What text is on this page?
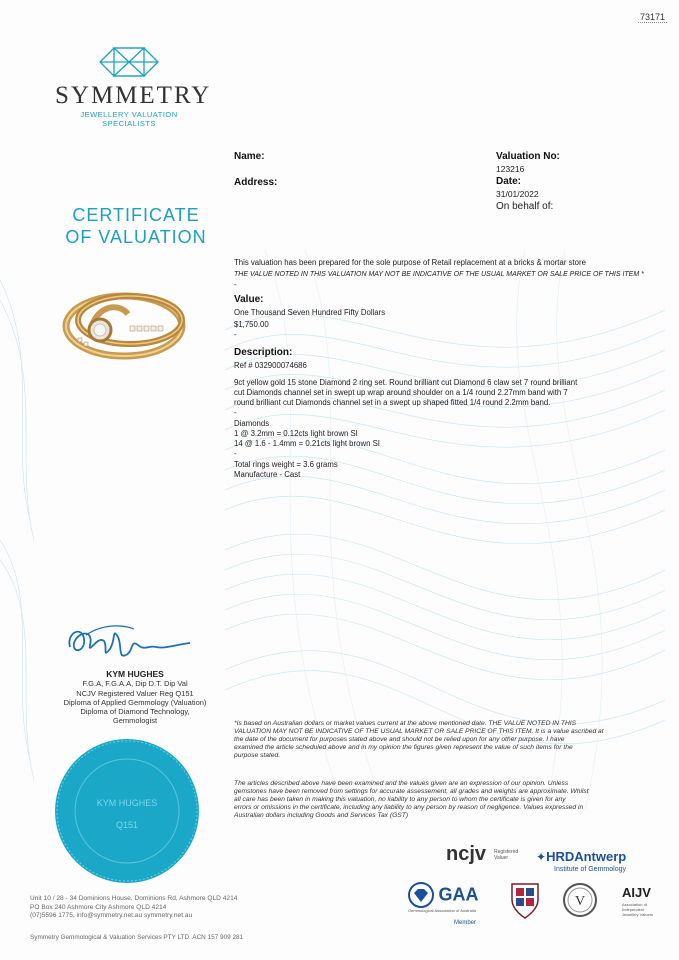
73171
SYMMETRY
JEWELLERY VALUATION SPECIALISTS
CERTIFICATE
OF VALUATION
Name:
Address:
Valuation No:
123216
Date:
31/01/2022
On behalf of:
This valuation has been prepared for the sole purpose of Retail replacement at a bricks & mortar store
THE VALUE NOTED IN THIS VALUATION MAY NOT BE INDICATIVE OF THE USUAL MARKET OR SALE PRICE OF THIS ITEM *
-
Value:
One Thousand Seven Hundred Fifty Dollars
$1,750.00
-
Description:
Ref # 032900074686
9ct yellow gold 15 stone Diamond 2 ring set. Round brilliant cut Diamond 6 claw set 7 round brilliant
cut Diamonds channel set in swept up wrap around shoulder on a 1/4 round 2.27mm band with 7
round brilliant cut Diamonds channel set in a swept up shaped fitted 1/4 round 2.2mm band.
-
Diamonds
1 @ 3.2mm = 0.12cts light brown SI
14 @ 1.6 - 1.4mm = 0.21cts light brown SI
-
Total rings weight = 3.6 grams
Manufacture - Cast
KYM HUGHES
F.G.A, F.G.A.A, Dip D.T. Dip Val
NCJV Registered Valuer Reg Q151
Diploma of Applied Gemmology (Valuation)
Diploma of Diamond Technology,
Gemmologist
KYM HUGHES
Q151
*Is based on Australian dollars or market values current at the above mentioned date. THE VALUE NOTED IN THIS
VALUATION MAY NOT BE INDICATIVE OF THE USUAL MARKET OR SALE PRICE OF THIS ITEM. It is a value ascribed at
the date of the document for purposes stated above and should not be relied upon for any other purpose. I have
examined the article scheduled above and in my opinion the figures given represent the value of such items for the
purpose stated.
The articles described above have been examined and the values given are an expression of our opinion. Unless
gemstones have been removed from settings for accurate assessement, all grades and weights are approximate. Whilst
all care has been taken in making this valuation, no liability to any person to whom the certificate is given for any
errors or omissions in the certificate, including any liability to any person by reason of negligence. Values expressed in
Australian dollars including Goods and Services Tax (GST)
ncjv Registered
Valuer	✦HRDAntwerp
Institute of Gemmology
GAA
Gemmological Association of Australia
Member
V
AIJV
Association of
Independent
Jewellery Valuers
Unit 10 / 28 - 34 Dominions House, Dominions Rd, Ashmore QLD 4214
PO Box 240 Ashmore City Ashmore QLD 4214
(07)5596 1775, info@symmetry.net.au symmetry.net.au
Symmetry Gemmological & Valuation Services PTY LTD. ACN 157 909 281
